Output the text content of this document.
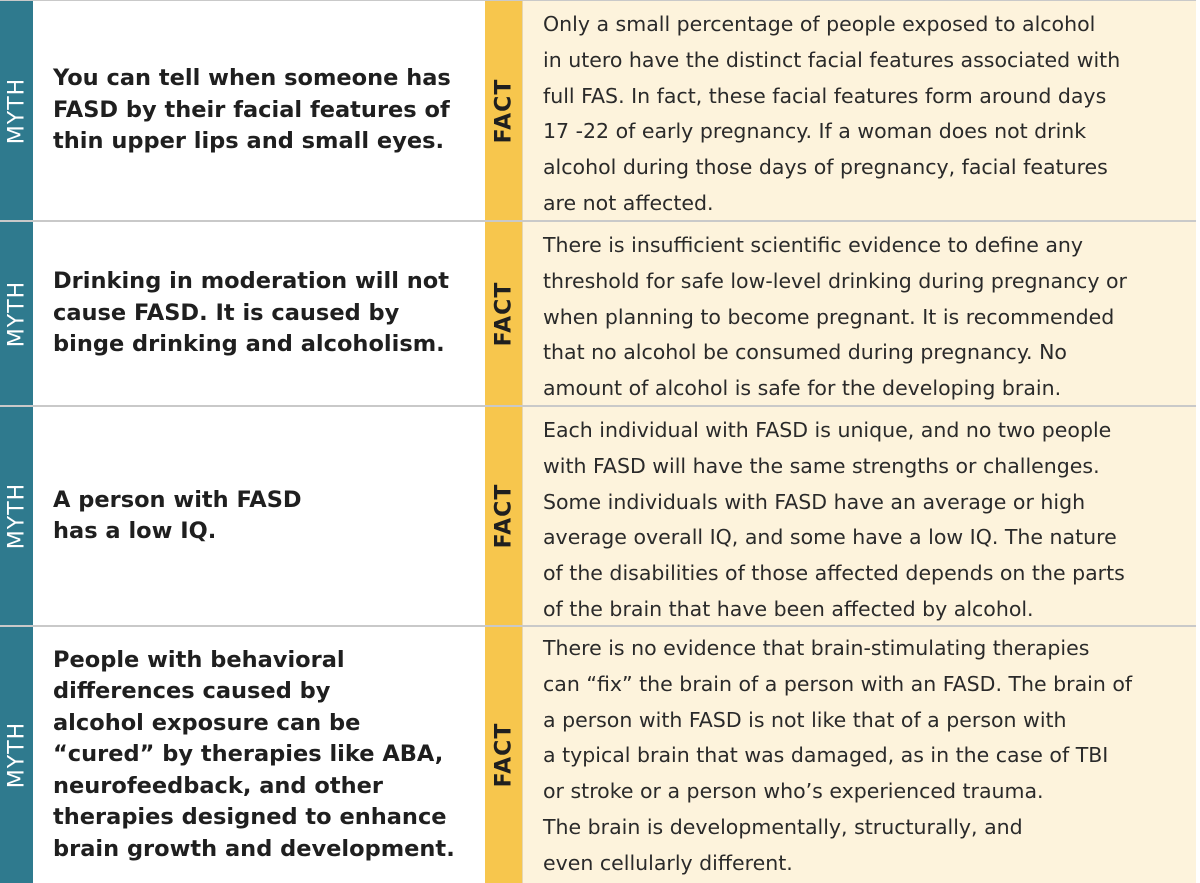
MYTH You can tell when someone has FASD by their facial features of thin upper lips and small eyes.	FACT
Only a small percentage of people exposed to alcohol
in utero have the distinct facial features associated with
full FAS. In fact, these facial features form around days
17 -22 of early pregnancy. If a woman does not drink
alcohol during those days of pregnancy, facial features
are not affected.
MYTH Drinking in moderation will not cause FASD. It is caused by binge drinking and alcoholism.	FACT
There is insufficient scientific evidence to define any
threshold for safe low-level drinking during pregnancy or
when planning to become pregnant. It is recommended
that no alcohol be consumed during pregnancy. No
amount of alcohol is safe for the developing brain.
MYTH A person with FASD
has a low IQ.	FACT
Each individual with FASD is unique, and no two people
with FASD will have the same strengths or challenges.
Some individuals with FASD have an average or high
average overall IQ, and some have a low IQ. The nature
of the disabilities of those affected depends on the parts
of the brain that have been affected by alcohol.
MYTH
People with behavioral
differences caused by
alcohol exposure can be
“cured” by therapies like ABA,
neurofeedback, and other
therapies designed to enhance
brain growth and development.
FACT
There is no evidence that brain-stimulating therapies
can “fix” the brain of a person with an FASD. The brain of
a person with FASD is not like that of a person with
a typical brain that was damaged, as in the case of TBI
or stroke or a person who’s experienced trauma.
The brain is developmentally, structurally, and
even cellularly different.
